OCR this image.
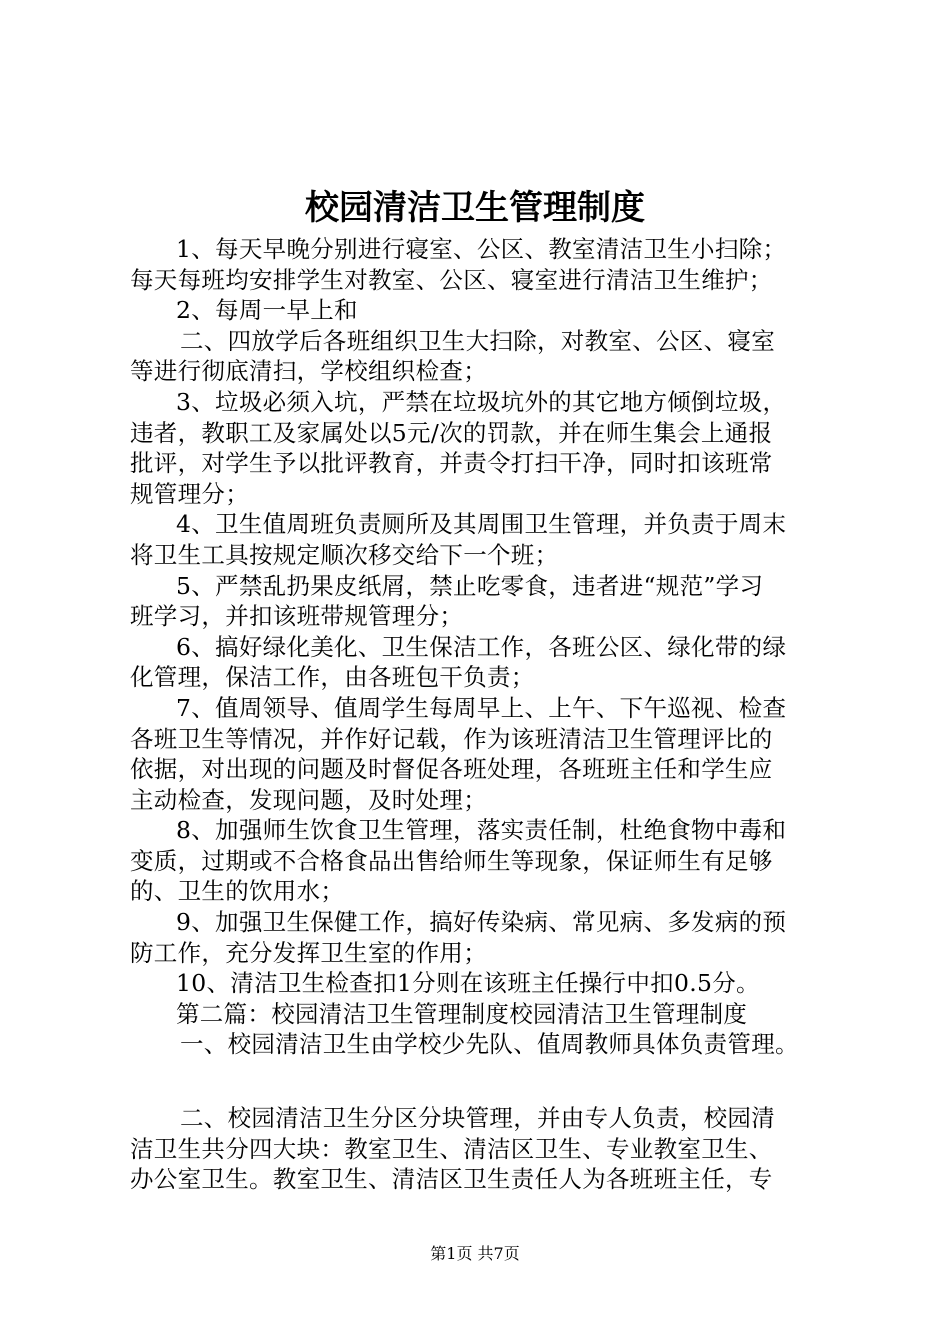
校园清洁卫生管理制度
1、每天早晚分别进行寝室、公区、教室清洁卫生小扫除；
每天每班均安排学生对教室、公区、寝室进行清洁卫生维护；
2、每周一早上和
二、四放学后各班组织卫生大扫除，对教室、公区、寝室
等进行彻底清扫，学校组织检查；
3、垃圾必须入坑，严禁在垃圾坑外的其它地方倾倒垃圾，
违者，教职工及家属处以5元/次的罚款，并在师生集会上通报
批评，对学生予以批评教育，并责令打扫干净，同时扣该班常
规管理分；
4、卫生值周班负责厕所及其周围卫生管理，并负责于周末
将卫生工具按规定顺次移交给下一个班；
5、严禁乱扔果皮纸屑，禁止吃零食，违者进“规范”学习
班学习，并扣该班带规管理分；
6、搞好绿化美化、卫生保洁工作，各班公区、绿化带的绿
化管理，保洁工作，由各班包干负责；
7、值周领导、值周学生每周早上、上午、下午巡视、检查
各班卫生等情况，并作好记载，作为该班清洁卫生管理评比的
依据，对出现的问题及时督促各班处理，各班班主任和学生应
主动检查，发现问题，及时处理；
8、加强师生饮食卫生管理，落实责任制，杜绝食物中毒和
变质，过期或不合格食品出售给师生等现象，保证师生有足够
的、卫生的饮用水；
9、加强卫生保健工作，搞好传染病、常见病、多发病的预
防工作，充分发挥卫生室的作用；
10、清洁卫生检查扣1分则在该班主任操行中扣0.5分。
第二篇：校园清洁卫生管理制度校园清洁卫生管理制度
一、校园清洁卫生由学校少先队、值周教师具体负责管理。
二、校园清洁卫生分区分块管理，并由专人负责，校园清
洁卫生共分四大块：教室卫生、清洁区卫生、专业教室卫生、
办公室卫生。教室卫生、清洁区卫生责任人为各班班主任，专
第1页 共7页
